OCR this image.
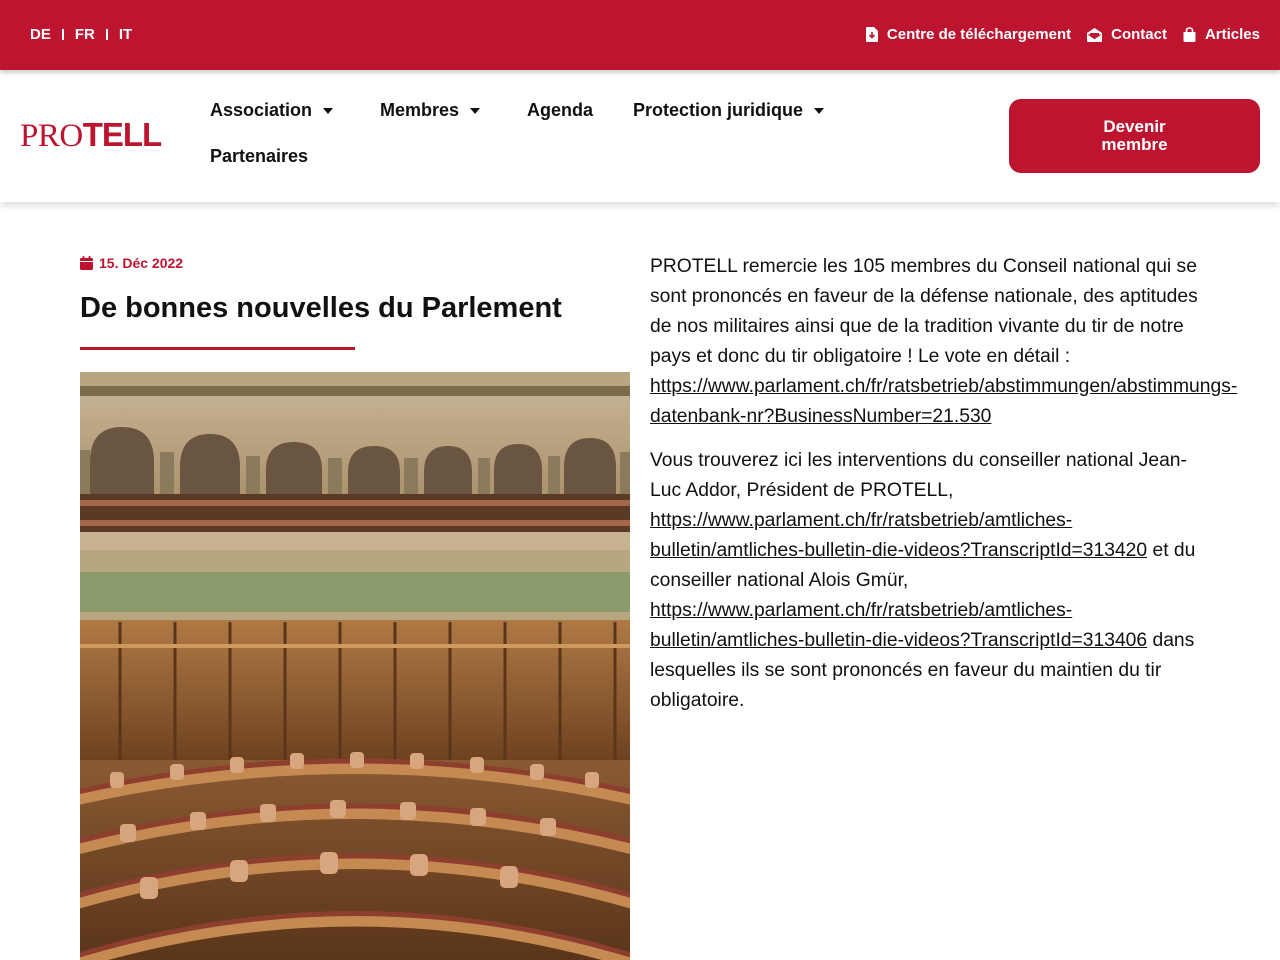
DE FR IT	Centre de téléchargement	Contact	Articles
PROTELL
Association	Membres	Agenda Protection juridique
Partenaires
Devenir membre
15. Déc 2022
De bonnes nouvelles du Parlement

PROTELL remercie les 105 membres du Conseil national qui se sont prononcés en faveur de la défense nationale, des aptitudes de nos militaires ainsi que de la tradition vivante du tir de notre pays et donc du tir obligatoire ! Le vote en détail : https://www.parlament.ch/fr/ratsbetrieb/abstimmungen/abstimmungs-datenbank-nr?BusinessNumber=21.530

Vous trouverez ici les interventions du conseiller national Jean-Luc Addor, Président de PROTELL, https://www.parlament.ch/fr/ratsbetrieb/amtliches-bulletin/amtliches-bulletin-die-videos?TranscriptId=313420 et du conseiller national Alois Gmür, https://www.parlament.ch/fr/ratsbetrieb/amtliches-bulletin/amtliches-bulletin-die-videos?TranscriptId=313406 dans lesquelles ils se sont prononcés en faveur du maintien du tir obligatoire.
